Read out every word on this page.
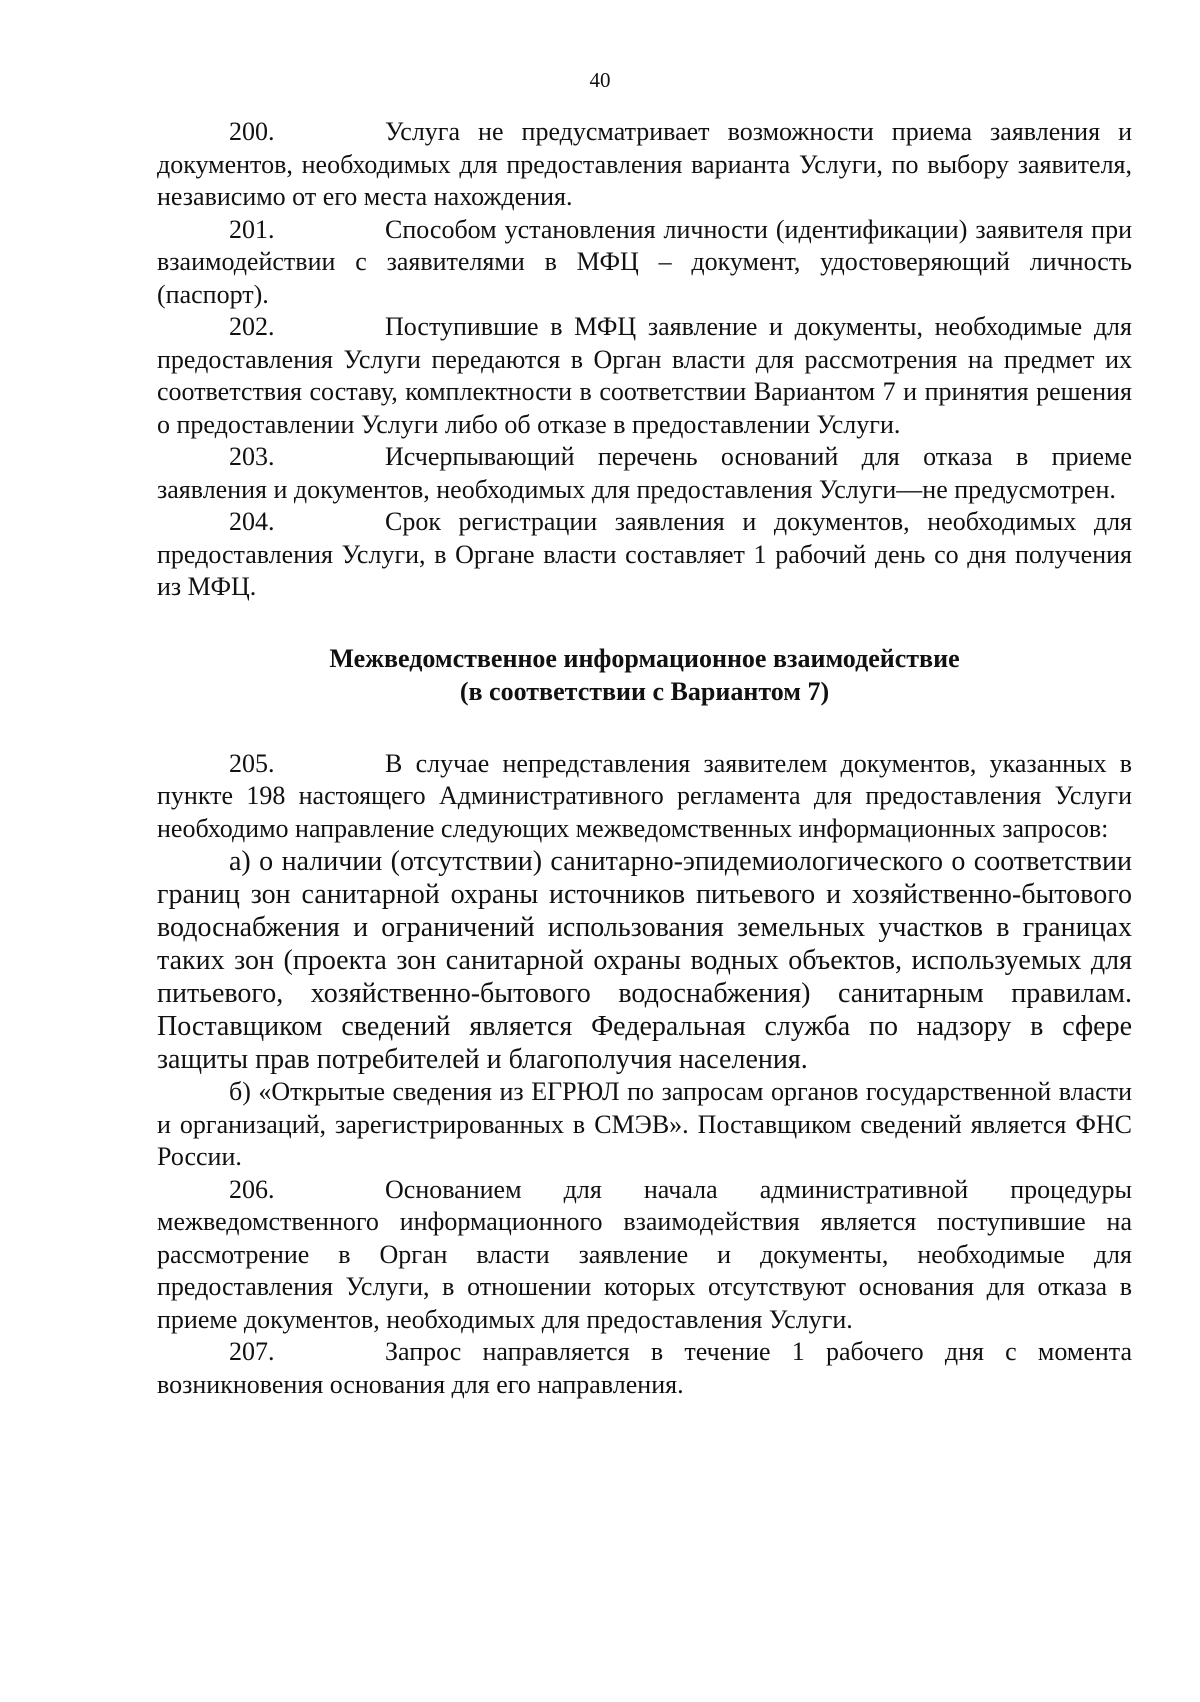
40

200.	Услуга не предусматривает возможности приема заявления и документов, необходимых для предоставления варианта Услуги, по выбору заявителя, независимо от его места нахождения.

201.	Способом установления личности (идентификации) заявителя при взаимодействии с заявителями в МФЦ – документ, удостоверяющий личность (паспорт).

202.	Поступившие в МФЦ заявление и документы, необходимые для предоставления Услуги передаются в Орган власти для рассмотрения на предмет их соответствия составу, комплектности в соответствии Вариантом 7 и принятия решения о предоставлении Услуги либо об отказе в предоставлении Услуги.

203.	Исчерпывающий перечень оснований для отказа в приеме заявления и документов, необходимых для предоставления Услуги—не предусмотрен.

204.	Срок регистрации заявления и документов, необходимых для предоставления Услуги, в Органе власти составляет 1 рабочий день со дня получения из МФЦ.

Межведомственное информационное взаимодействие
(в соответствии с Вариантом 7)

205.	В случае непредставления заявителем документов, указанных в пункте 198 настоящего Административного регламента для предоставления Услуги необходимо направление следующих межведомственных информационных запросов:

а) о наличии (отсутствии) санитарно-эпидемиологического о соответствии границ зон санитарной охраны источников питьевого и хозяйственно-бытового водоснабжения и ограничений использования земельных участков в границах таких зон (проекта зон санитарной охраны водных объектов, используемых для питьевого, хозяйственно-бытового водоснабжения) санитарным правилам. Поставщиком сведений является Федеральная служба по надзору в сфере защиты прав потребителей и благополучия населения.

б) «Открытые сведения из ЕГРЮЛ по запросам органов государственной власти и организаций, зарегистрированных в СМЭВ». Поставщиком сведений является ФНС России.

206.	Основанием для начала административной процедуры межведомственного информационного взаимодействия является поступившие на рассмотрение в Орган власти заявление и документы, необходимые для предоставления Услуги, в отношении которых отсутствуют основания для отказа в приеме документов, необходимых для предоставления Услуги.

207.	Запрос направляется в течение 1 рабочего дня с момента возникновения основания для его направления.
